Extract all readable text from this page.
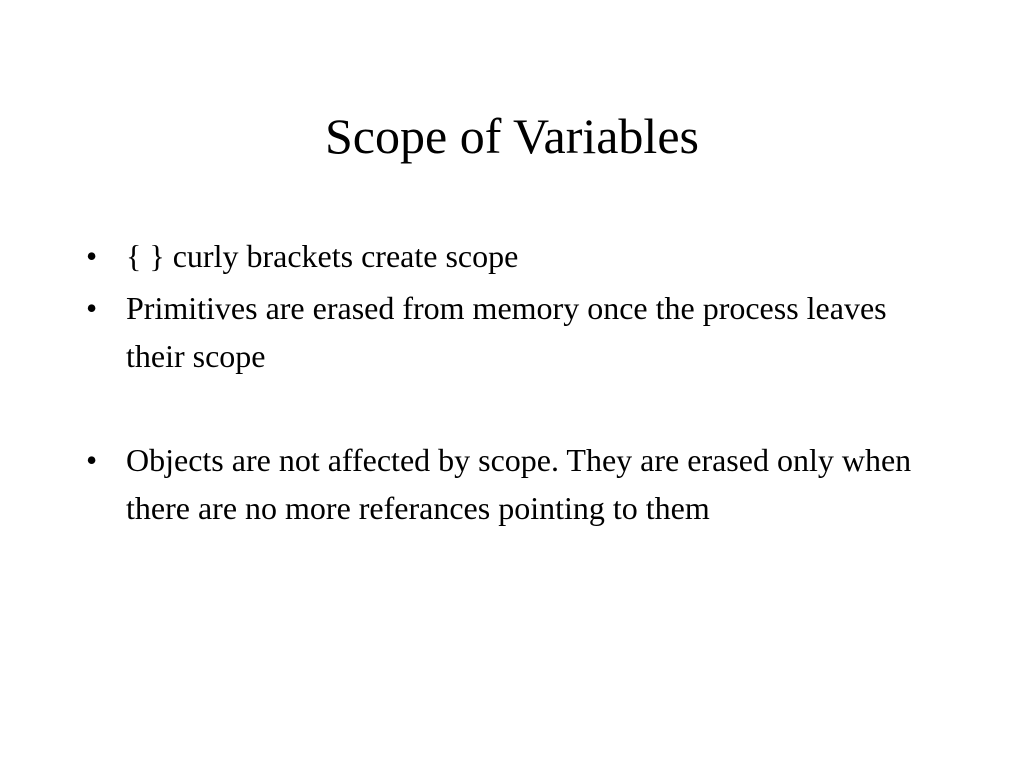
Scope of Variables
• { } curly brackets create scope
• Primitives are erased from memory once the process leaves their scope
• Objects are not affected by scope. They are erased only when there are no more referances pointing to them
